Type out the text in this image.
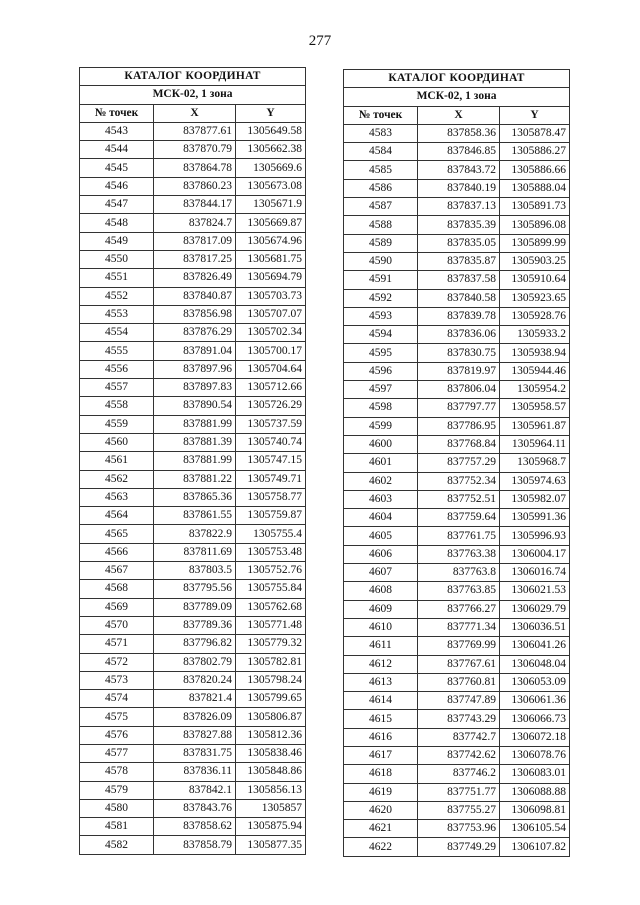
277
КАТАЛОГ КООРДИНАТ		
МСК-02, 1 зона		
№ точек	X	Y
4543	837877.61	1305649.58
4544	837870.79	1305662.38
4545	837864.78	1305669.6
4546	837860.23	1305673.08
4547	837844.17	1305671.9
4548	837824.7	1305669.87
4549	837817.09	1305674.96
4550	837817.25	1305681.75
4551	837826.49	1305694.79
4552	837840.87	1305703.73
4553	837856.98	1305707.07
4554	837876.29	1305702.34
4555	837891.04	1305700.17
4556	837897.96	1305704.64
4557	837897.83	1305712.66
4558	837890.54	1305726.29
4559	837881.99	1305737.59
4560	837881.39	1305740.74
4561	837881.99	1305747.15
4562	837881.22	1305749.71
4563	837865.36	1305758.77
4564	837861.55	1305759.87
4565	837822.9	1305755.4
4566	837811.69	1305753.48
4567	837803.5	1305752.76
4568	837795.56	1305755.84
4569	837789.09	1305762.68
4570	837789.36	1305771.48
4571	837796.82	1305779.32
4572	837802.79	1305782.81
4573	837820.24	1305798.24
4574	837821.4	1305799.65
4575	837826.09	1305806.87
4576	837827.88	1305812.36
4577	837831.75	1305838.46
4578	837836.11	1305848.86
4579	837842.1	1305856.13
4580	837843.76	1305857
4581	837858.62	1305875.94
4582	837858.79	1305877.35
КАТАЛОГ КООРДИНАТ		
МСК-02, 1 зона		
№ точек	X	Y
4583	837858.36	1305878.47
4584	837846.85	1305886.27
4585	837843.72	1305886.66
4586	837840.19	1305888.04
4587	837837.13	1305891.73
4588	837835.39	1305896.08
4589	837835.05	1305899.99
4590	837835.87	1305903.25
4591	837837.58	1305910.64
4592	837840.58	1305923.65
4593	837839.78	1305928.76
4594	837836.06	1305933.2
4595	837830.75	1305938.94
4596	837819.97	1305944.46
4597	837806.04	1305954.2
4598	837797.77	1305958.57
4599	837786.95	1305961.87
4600	837768.84	1305964.11
4601	837757.29	1305968.7
4602	837752.34	1305974.63
4603	837752.51	1305982.07
4604	837759.64	1305991.36
4605	837761.75	1305996.93
4606	837763.38	1306004.17
4607	837763.8	1306016.74
4608	837763.85	1306021.53
4609	837766.27	1306029.79
4610	837771.34	1306036.51
4611	837769.99	1306041.26
4612	837767.61	1306048.04
4613	837760.81	1306053.09
4614	837747.89	1306061.36
4615	837743.29	1306066.73
4616	837742.7	1306072.18
4617	837742.62	1306078.76
4618	837746.2	1306083.01
4619	837751.77	1306088.88
4620	837755.27	1306098.81
4621	837753.96	1306105.54
4622	837749.29	1306107.82
